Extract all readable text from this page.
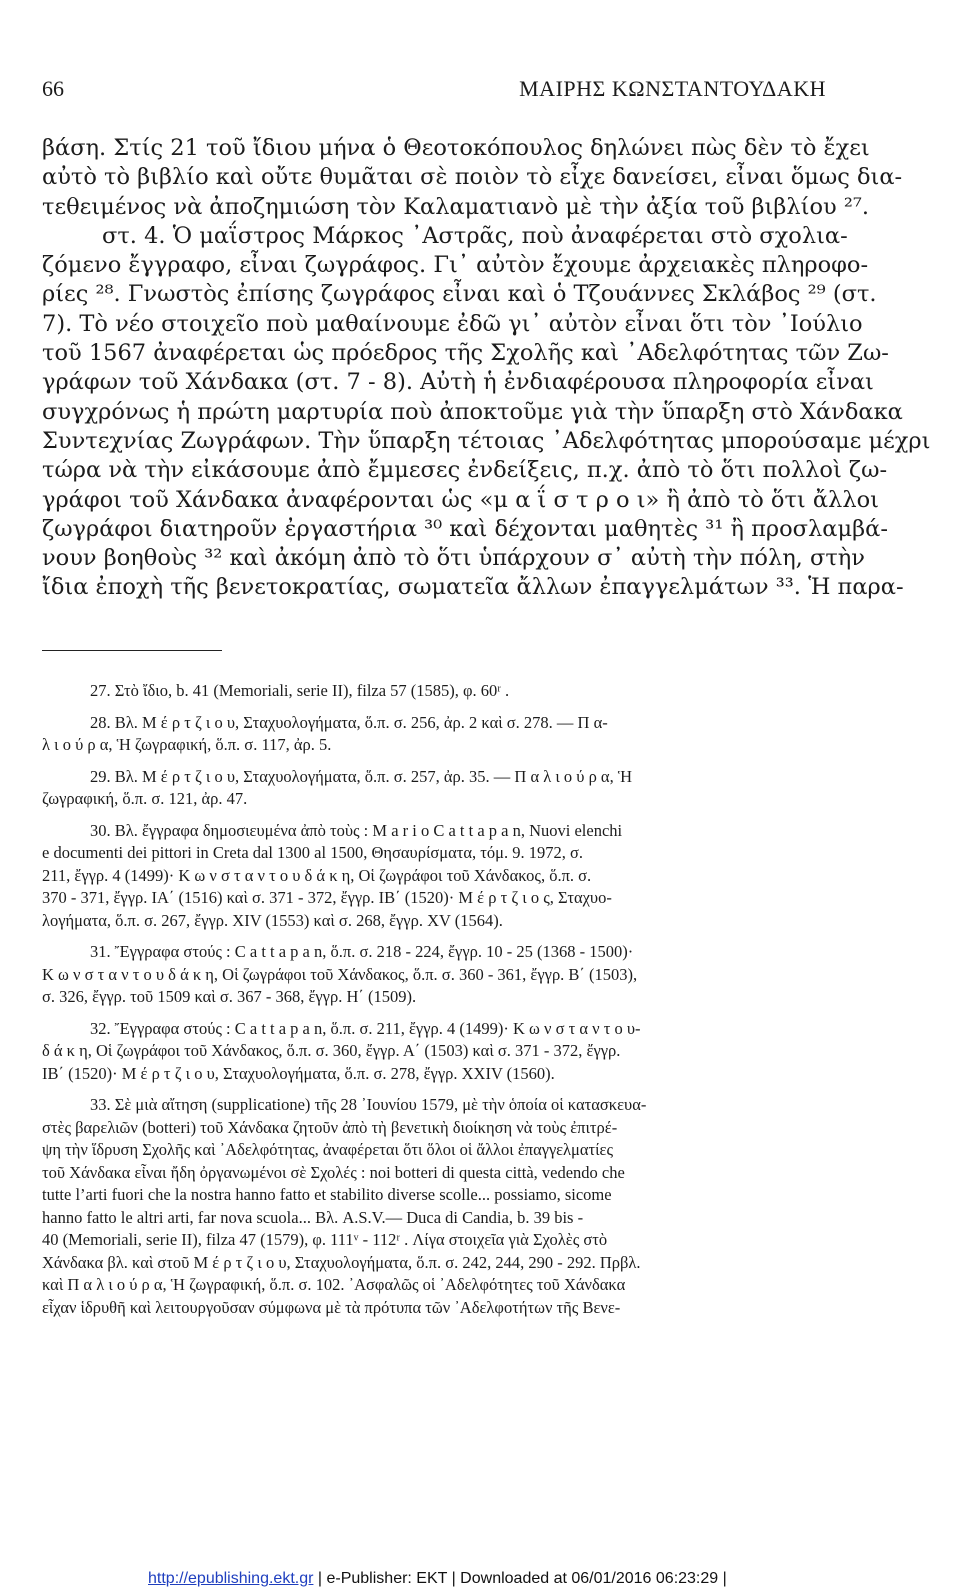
66	ΜΑΙΡΗΣ ΚΩΝΣΤΑΝΤΟΥΔΑΚΗ
βάση. Στίς 21 τοῦ ἴδιου μήνα ὁ Θεοτοκόπουλος δηλώνει πὼς δὲν τὸ ἔχει
αὐτὸ τὸ βιβλίο καὶ οὔτε θυμᾶται σὲ ποιὸν τὸ εἶχε δανείσει, εἶναι ὅμως δια-
τεθειμένος νὰ ἀποζημιώση τὸν Καλαματιανὸ μὲ τὴν ἀξία τοῦ βιβλίου ²⁷.
στ. 4. Ὁ μαΐστρος Μάρκος ᾿Αστρᾶς, ποὺ ἀναφέρεται στὸ σχολια-
ζόμενο ἔγγραφο, εἶναι ζωγράφος. Γι᾿ αὐτὸν ἔχουμε ἀρχειακὲς πληροφο-
ρίες ²⁸. Γνωστὸς ἐπίσης ζωγράφος εἶναι καὶ ὁ Τζουάννες Σκλάβος ²⁹ (στ.
7). Τὸ νέο στοιχεῖο ποὺ μαθαίνουμε ἐδῶ γι᾿ αὐτὸν εἶναι ὅτι τὸν ᾿Ιούλιο
τοῦ 1567 ἀναφέρεται ὡς πρόεδρος τῆς Σχολῆς καὶ ᾿Αδελφότητας τῶν Ζω-
γράφων τοῦ Χάνδακα (στ. 7 - 8). Αὐτὴ ἡ ἐνδιαφέρουσα πληροφορία εἶναι
συγχρόνως ἡ πρώτη μαρτυρία ποὺ ἀποκτοῦμε γιὰ τὴν ὕπαρξη στὸ Χάνδακα
Συντεχνίας Ζωγράφων. Τὴν ὕπαρξη τέτοιας ᾿Αδελφότητας μπορούσαμε μέχρι
τώρα νὰ τὴν εἰκάσουμε ἀπὸ ἔμμεσες ἐνδείξεις, π.χ. ἀπὸ τὸ ὅτι πολλοὶ ζω-
γράφοι τοῦ Χάνδακα ἀναφέρονται ὡς «μ α ΐ σ τ ρ ο ι» ἢ ἀπὸ τὸ ὅτι ἄλλοι
ζωγράφοι διατηροῦν ἐργαστήρια ³⁰ καὶ δέχονται μαθητὲς ³¹ ἢ προσλαμβά-
νουν βοηθοὺς ³² καὶ ἀκόμη ἀπὸ τὸ ὅτι ὑπάρχουν σ᾿ αὐτὴ τὴν πόλη, στὴν
ἴδια ἐποχὴ τῆς βενετοκρατίας, σωματεῖα ἄλλων ἐπαγγελμάτων ³³. Ἡ παρα-
27. Στὸ ἴδιο, b. 41 (Memoriali, serie II), filza 57 (1585), φ. 60ʳ .
28. Βλ. Μ έ ρ τ ζ ι ο υ, Σταχυολογήματα, ὅ.π. σ. 256, ἀρ. 2 καὶ σ. 278. — Π α-
λ ι ο ύ ρ α, Ἡ ζωγραφική, ὅ.π. σ. 117, ἀρ. 5.
29. Βλ. Μ έ ρ τ ζ ι ο υ, Σταχυολογήματα, ὅ.π. σ. 257, ἀρ. 35. — Π α λ ι ο ύ ρ α, Ἡ
ζωγραφική, ὅ.π. σ. 121, ἀρ. 47.
30. Βλ. ἔγγραφα δημοσιευμένα ἀπὸ τοὺς : M a r i o C a t t a p a n, Nuovi elenchi
e documenti dei pittori in Creta dal 1300 al 1500, Θησαυρίσματα, τόμ. 9. 1972, σ.
211, ἔγγρ. 4 (1499)· Κ ω ν σ τ α ν τ ο υ δ ά κ η, Οἱ ζωγράφοι τοῦ Χάνδακος, ὅ.π. σ.
370 - 371, ἔγγρ. ΙΑ΄ (1516) καὶ σ. 371 - 372, ἔγγρ. ΙΒ΄ (1520)· Μ έ ρ τ ζ ι ο ς, Σταχυο-
λογήματα, ὅ.π. σ. 267, ἔγγρ. XIV (1553) καὶ σ. 268, ἔγγρ. XV (1564).
31. Ἔγγραφα στούς : C a t t a p a n, ὅ.π. σ. 218 - 224, ἔγγρ. 10 - 25 (1368 - 1500)·
Κ ω ν σ τ α ν τ ο υ δ ά κ η, Οἱ ζωγράφοι τοῦ Χάνδακος, ὅ.π. σ. 360 - 361, ἔγγρ. Β΄ (1503),
σ. 326, ἔγγρ. τοῦ 1509 καὶ σ. 367 - 368, ἔγγρ. Η΄ (1509).
32. Ἔγγραφα στούς : C a t t a p a n, ὅ.π. σ. 211, ἔγγρ. 4 (1499)· Κ ω ν σ τ α ν τ ο υ-
δ ά κ η, Οἱ ζωγράφοι τοῦ Χάνδακος, ὅ.π. σ. 360, ἔγγρ. Α΄ (1503) καὶ σ. 371 - 372, ἔγγρ.
ΙΒ΄ (1520)· Μ έ ρ τ ζ ι ο υ, Σταχυολογήματα, ὅ.π. σ. 278, ἔγγρ. XXIV (1560).
33. Σὲ μιὰ αἴτηση (supplicatione) τῆς 28 ᾿Ιουνίου 1579, μὲ τὴν ὁποία οἱ κατασκευα-
στὲς βαρελιῶν (botteri) τοῦ Χάνδακα ζητοῦν ἀπὸ τὴ βενετικὴ διοίκηση νὰ τοὺς ἐπιτρέ-
ψη τὴν ἵδρυση Σχολῆς καὶ ᾿Αδελφότητας, ἀναφέρεται ὅτι ὅλοι οἱ ἄλλοι ἐπαγγελματίες
τοῦ Χάνδακα εἶναι ἤδη ὀργανωμένοι σὲ Σχολές : noi botteri di questa città, vedendo che
tutte l’arti fuori che la nostra hanno fatto et stabilito diverse scolle... possiamo, sicome
hanno fatto le altri arti, far nova scuola... Βλ. A.S.V.— Duca di Candia, b. 39 bis -
40 (Memoriali, serie II), filza 47 (1579), φ. 111ᵛ - 112ʳ . Λίγα στοιχεῖα γιὰ Σχολὲς στὸ
Χάνδακα βλ. καὶ στοῦ Μ έ ρ τ ζ ι ο υ, Σταχυολογήματα, ὅ.π. σ. 242, 244, 290 - 292. Πρβλ.
καὶ Π α λ ι ο ύ ρ α, Ἡ ζωγραφική, ὅ.π. σ. 102. ᾿Ασφαλῶς οἱ ᾿Αδελφότητες τοῦ Χάνδακα
εἶχαν ἱδρυθῆ καὶ λειτουργοῦσαν σύμφωνα μὲ τὰ πρότυπα τῶν ᾿Αδελφοτήτων τῆς Βενε-
http://epublishing.ekt.gr | e-Publisher: EKT | Downloaded at 06/01/2016 06:23:29 |
